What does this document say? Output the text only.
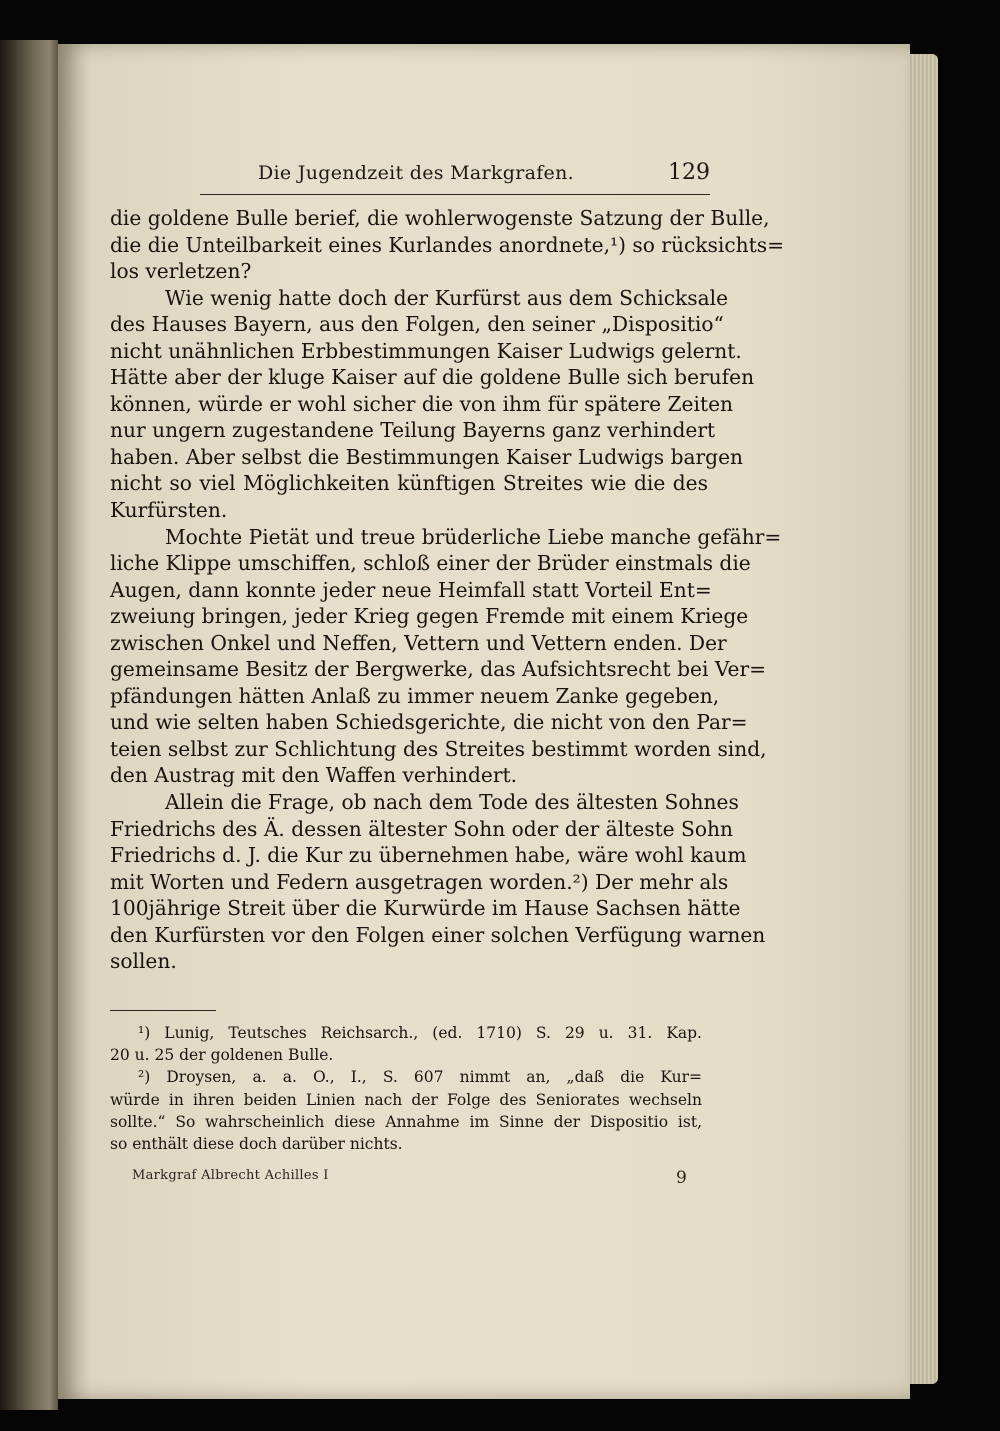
Die Jugendzeit des Markgrafen.	129
die goldene Bulle berief, die wohlerwogenste Satzung der Bulle,
die die Unteilbarkeit eines Kurlandes anordnete,¹) so rücksichts=
los verletzen?
Wie wenig hatte doch der Kurfürst aus dem Schicksale
des Hauses Bayern, aus den Folgen, den seiner „Dispositio“
nicht unähnlichen Erbbestimmungen Kaiser Ludwigs gelernt.
Hätte aber der kluge Kaiser auf die goldene Bulle sich berufen
können, würde er wohl sicher die von ihm für spätere Zeiten
nur ungern zugestandene Teilung Bayerns ganz verhindert
haben. Aber selbst die Bestimmungen Kaiser Ludwigs bargen
nicht so viel Möglichkeiten künftigen Streites wie die des
Kurfürsten.
Mochte Pietät und treue brüderliche Liebe manche gefähr=
liche Klippe umschiffen, schloß einer der Brüder einstmals die
Augen, dann konnte jeder neue Heimfall statt Vorteil Ent=
zweiung bringen, jeder Krieg gegen Fremde mit einem Kriege
zwischen Onkel und Neffen, Vettern und Vettern enden. Der
gemeinsame Besitz der Bergwerke, das Aufsichtsrecht bei Ver=
pfändungen hätten Anlaß zu immer neuem Zanke gegeben,
und wie selten haben Schiedsgerichte, die nicht von den Par=
teien selbst zur Schlichtung des Streites bestimmt worden sind,
den Austrag mit den Waffen verhindert.
Allein die Frage, ob nach dem Tode des ältesten Sohnes
Friedrichs des Ä. dessen ältester Sohn oder der älteste Sohn
Friedrichs d. J. die Kur zu übernehmen habe, wäre wohl kaum
mit Worten und Federn ausgetragen worden.²) Der mehr als
100jährige Streit über die Kurwürde im Hause Sachsen hätte
den Kurfürsten vor den Folgen einer solchen Verfügung warnen
sollen.
¹) Lunig, Teutsches Reichsarch., (ed. 1710) S. 29 u. 31. Kap.
20 u. 25 der goldenen Bulle.
²) Droysen, a. a. O., I., S. 607 nimmt an, „daß die Kur=
würde in ihren beiden Linien nach der Folge des Seniorates wechseln
sollte.“ So wahrscheinlich diese Annahme im Sinne der Dispositio ist,
so enthält diese doch darüber nichts.
Markgraf Albrecht Achilles I	9
